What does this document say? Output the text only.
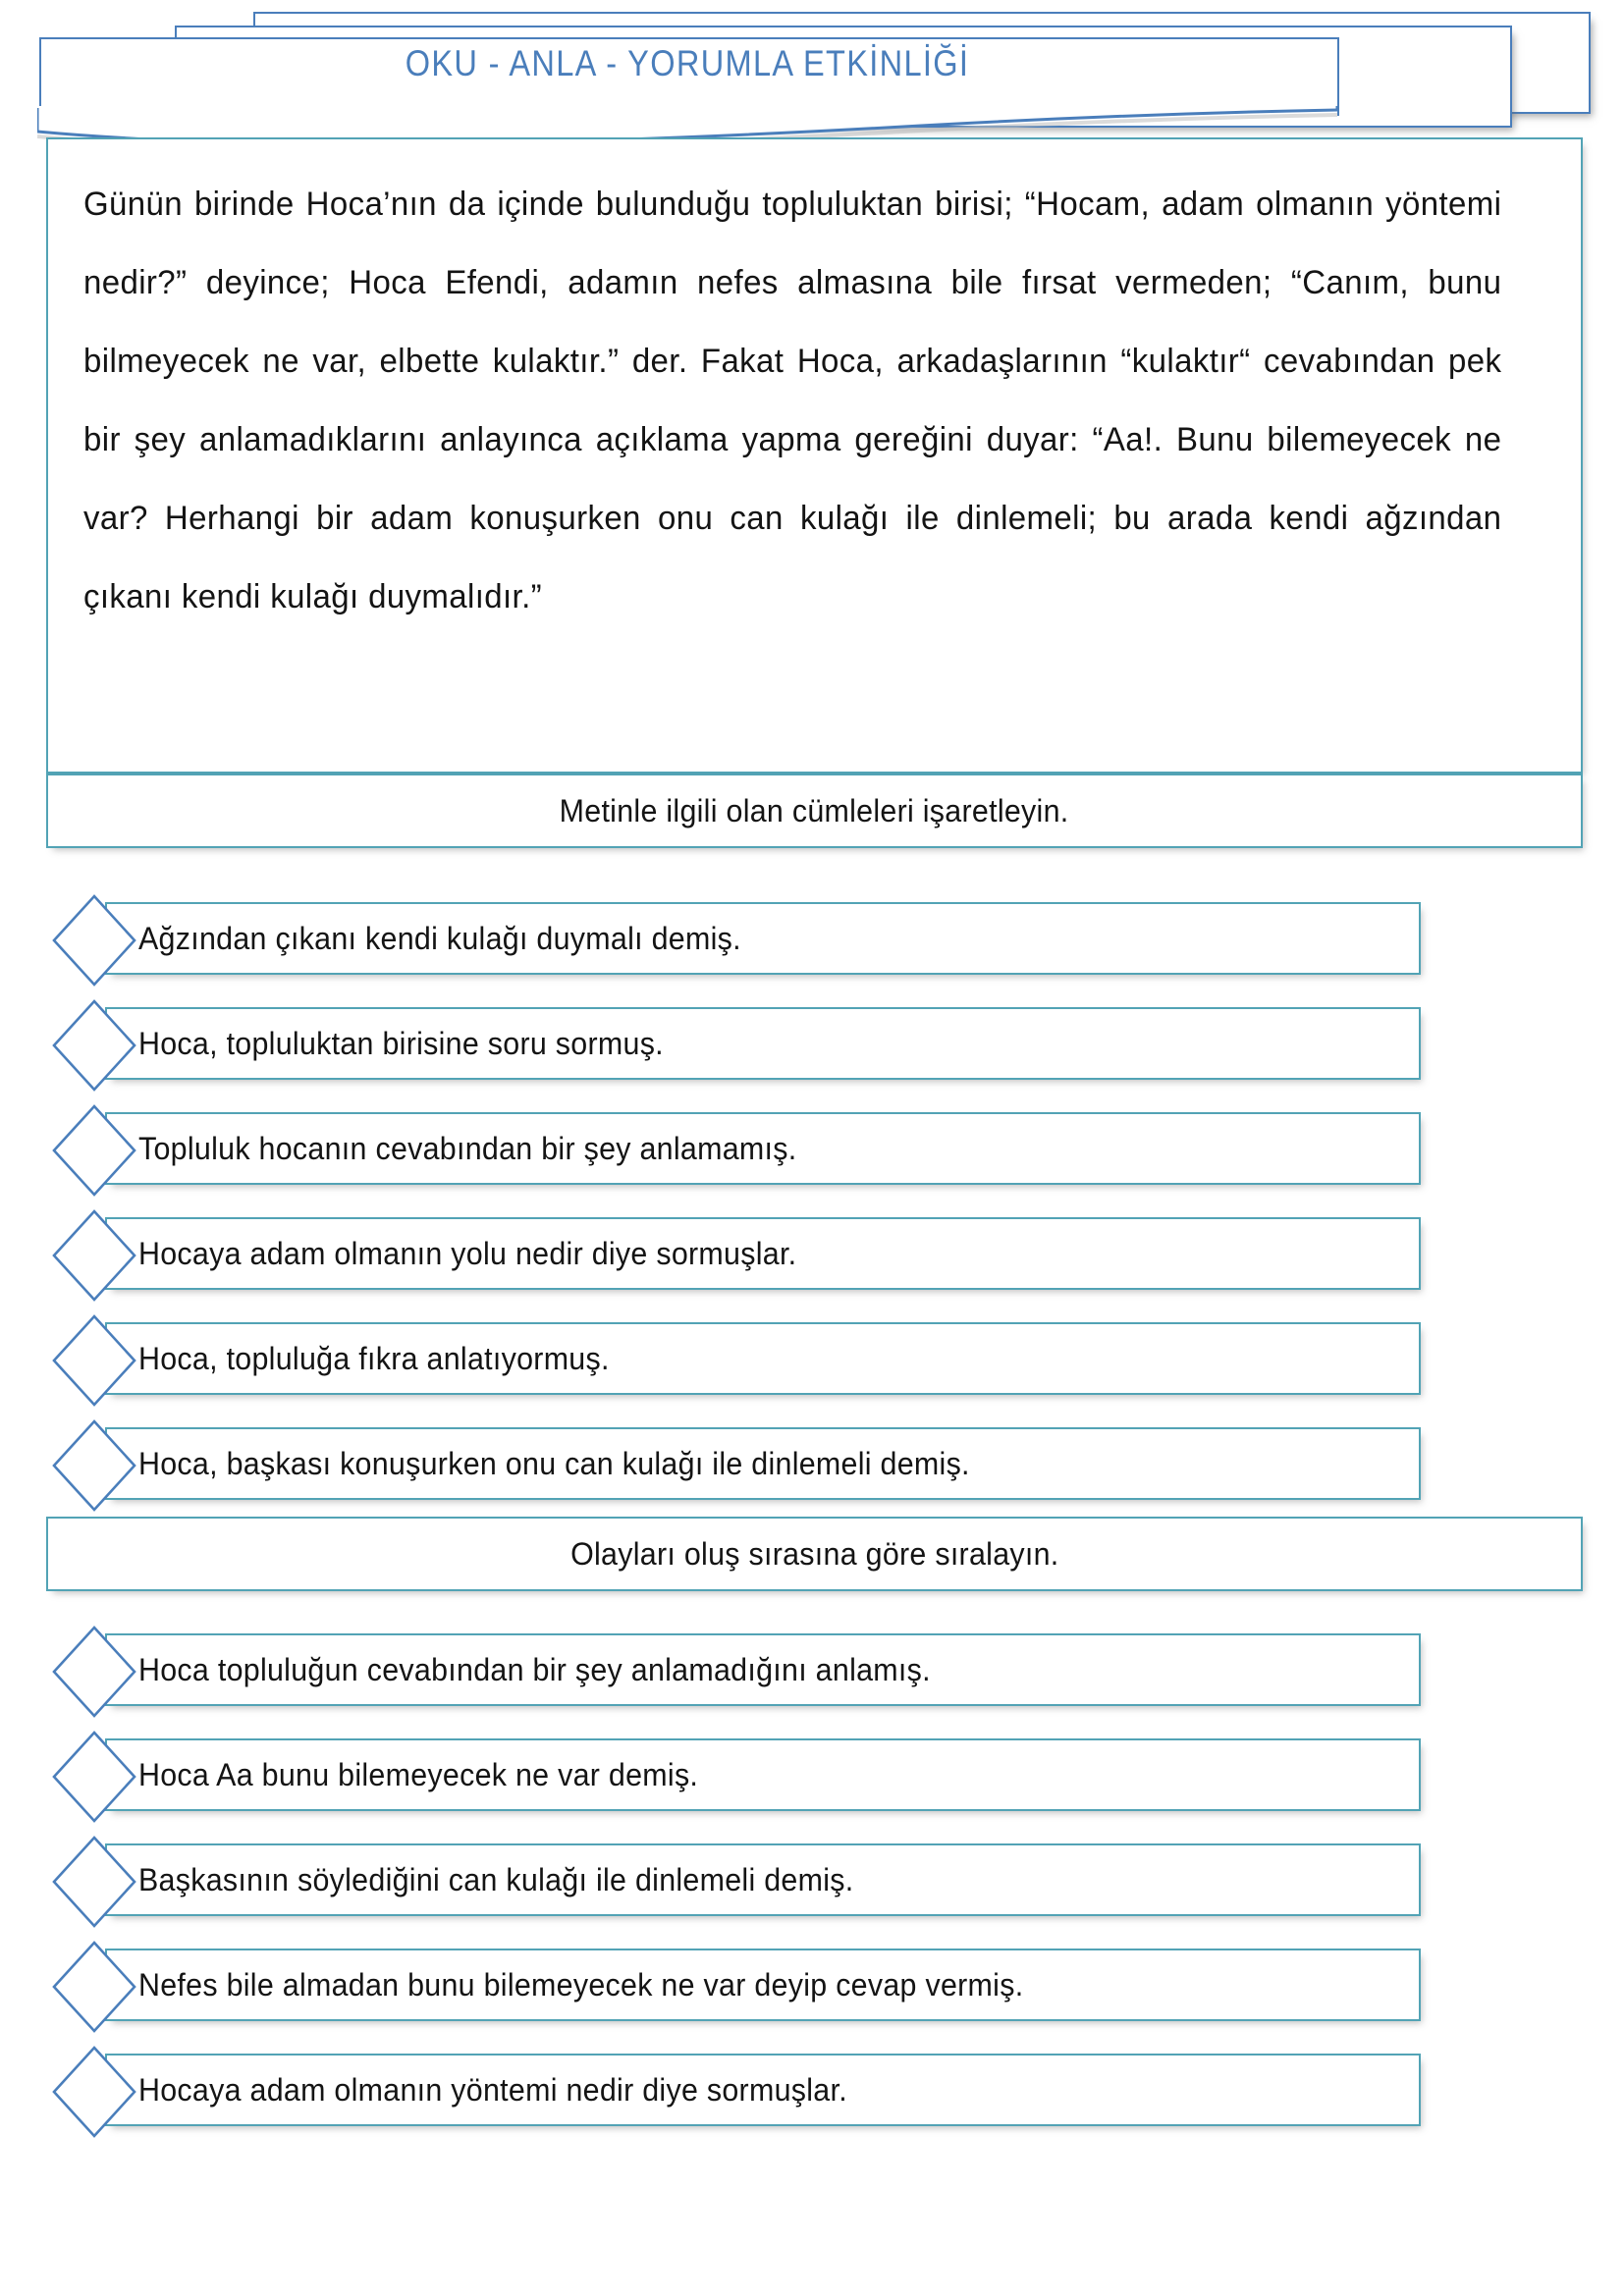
OKU - ANLA - YORUMLA ETKİNLİĞİ

Günün birinde Hoca’nın da içinde bulunduğu topluluktan birisi; “Hocam, adam olmanın yöntemi nedir?” deyince; Hoca Efendi, adamın nefes almasına bile fırsat vermeden; “Canım, bunu bilmeyecek ne var, elbette kulaktır.” der. Fakat Hoca, arkadaşlarının “kulaktır“ cevabından pek bir şey anlamadıklarını anlayınca açıklama yapma gereğini duyar: “Aa!. Bunu bilemeyecek ne var? Herhangi bir adam konuşurken onu can kulağı ile dinlemeli; bu arada kendi ağzından çıkanı kendi kulağı duymalıdır.”

Metinle ilgili olan cümleleri işaretleyin.
Ağzından çıkanı kendi kulağı duymalı demiş.
Hoca, topluluktan birisine soru sormuş.
Topluluk hocanın cevabından bir şey anlamamış.
Hocaya adam olmanın yolu nedir diye sormuşlar.
Hoca, topluluğa fıkra anlatıyormuş.
Hoca, başkası konuşurken onu can kulağı ile dinlemeli demiş.
Olayları oluş sırasına göre sıralayın.
Hoca topluluğun cevabından bir şey anlamadığını anlamış.
Hoca Aa bunu bilemeyecek ne var demiş.
Başkasının söylediğini can kulağı ile dinlemeli demiş.
Nefes bile almadan bunu bilemeyecek ne var deyip cevap vermiş.
Hocaya adam olmanın yöntemi nedir diye sormuşlar.
